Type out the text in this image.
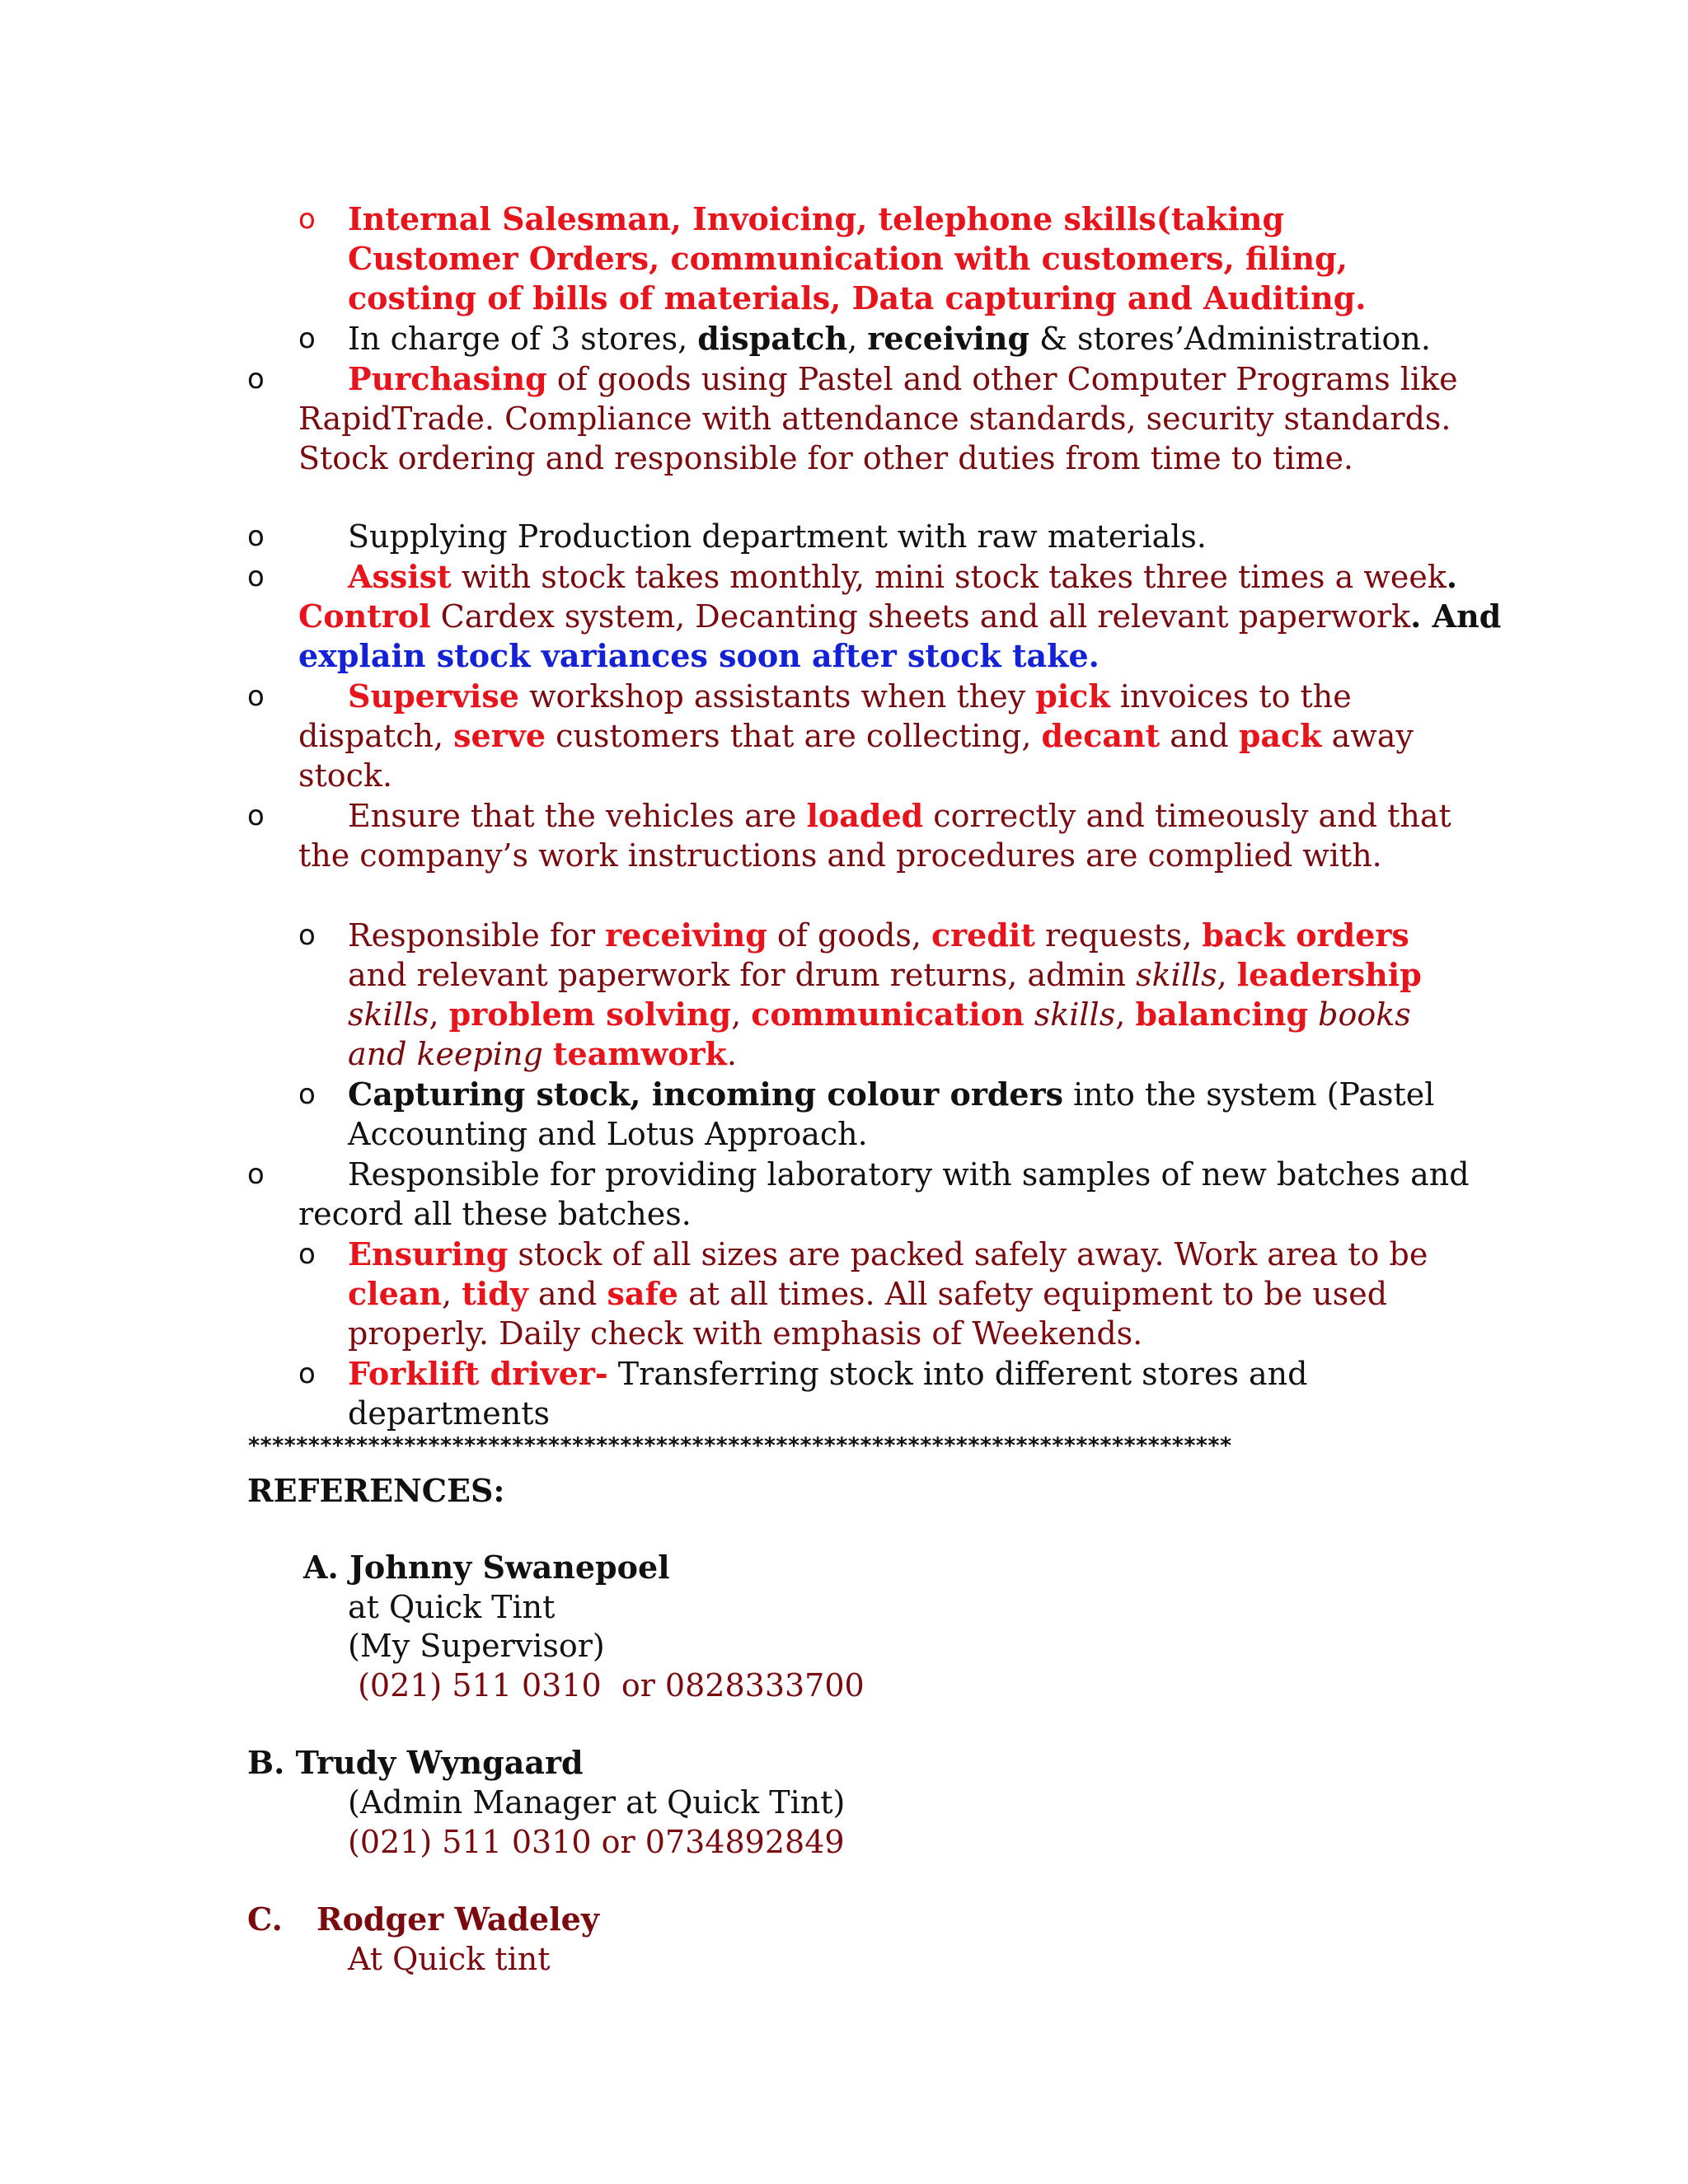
o Internal Salesman, Invoicing, telephone skills(taking Customer Orders, communication with customers, filing, costing of bills of materials, Data capturing and Auditing.
o In charge of 3 stores, dispatch, receiving & stores’Administration.
o	Purchasing of goods using Pastel and other Computer Programs like RapidTrade. Compliance with attendance standards, security standards. Stock ordering and responsible for other duties from time to time.
o	Supplying Production department with raw materials.
o	Assist with stock takes monthly, mini stock takes three times a week. Control Cardex system, Decanting sheets and all relevant paperwork. And explain stock variances soon after stock take.
o	Supervise workshop assistants when they pick invoices to the dispatch, serve customers that are collecting, decant and pack away stock.
o	Ensure that the vehicles are loaded correctly and timeously and that the company’s work instructions and procedures are complied with.
o Responsible for receiving of goods, credit requests, back orders and relevant paperwork for drum returns, admin skills, leadership skills, problem solving, communication skills, balancing books and keeping teamwork.
o Capturing stock, incoming colour orders into the system (Pastel Accounting and Lotus Approach.
o	Responsible for providing laboratory with samples of new batches and record all these batches.
o Ensuring stock of all sizes are packed safely away. Work area to be clean, tidy and safe at all times. All safety equipment to be used properly. Daily check with emphasis of Weekends.
o Forklift driver- Transferring stock into different stores and departments
**********************************************************************************
REFERENCES:
A. Johnny Swanepoel
at Quick Tint
(My Supervisor)
(021) 511 0310  or 0828333700
B. Trudy Wyngaard
(Admin Manager at Quick Tint)
(021) 511 0310 or 0734892849
C. Rodger Wadeley
At Quick tint
